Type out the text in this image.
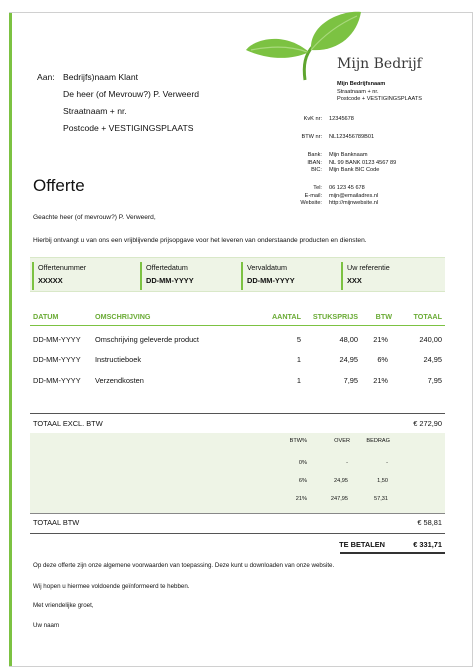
Aan: Bedrijfs)naam Klant
De heer (of Mevrouw?) P. Verweerd
Straatnaam + nr.
Postcode + VESTIGINGSPLAATS
Mijn Bedrijf
Mijn Bedrijfsnaam
Straatnaam + nr.
Postcode + VESTIGINGSPLAATS
KvK nr:	12345678
BTW nr:	NL123456789B01
Bank:	Mijn Banknaam
IBAN:	NL 99 BANK 0123 4567 89
BIC:	Mijn Bank BIC Code
Tel:	06 123 45 678
E-mail:	mijn@emailadres.nl
Website:	http://mijnwebsite.nl
Offerte
Geachte heer (of mevrouw?) P. Verweerd,
Hierbij ontvangt u van ons een vrijblijvende prijsopgave voor het leveren van onderstaande producten en diensten.
Offertenummer
XXXXX
Offertedatum
DD-MM-YYYY
Vervaldatum
DD-MM-YYYY
Uw referentie
XXX
DATUM	OMSCHRIJVING	AANTAL STUKSPRIJS BTW	TOTAAL
DD-MM-YYYY Omschrijving geleverde product	5	48,00 21%	240,00
DD-MM-YYYY Instructieboek	1	24,95	6%	24,95
DD-MM-YYYY Verzendkosten	1	7,95 21%	7,95
TOTAAL EXCL. BTW	€ 272,90
BTW%	OVER	BEDRAG
0%	-	-
6%	24,95	1,50
21%	247,95	57,31
TOTAAL BTW	€ 58,81
TE BETALEN	€ 331,71
Op deze offerte zijn onze algemene voorwaarden van toepassing. Deze kunt u downloaden van onze website.
Wij hopen u hiermee voldoende geïnformeerd te hebben.
Met vriendelijke groet,
Uw naam
